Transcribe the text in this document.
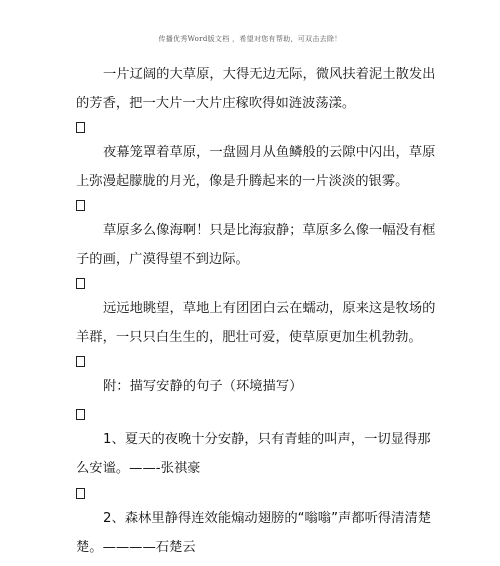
传播优秀Word版文档 ，希望对您有帮助，可双击去除！

一片辽阔的大草原，大得无边无际，微风扶着泥土散发出的芳香，把一大片一大片庄稼吹得如涟波荡漾。

夜幕笼罩着草原，一盘圆月从鱼鳞般的云隙中闪出，草原上弥漫起朦胧的月光，像是升腾起来的一片淡淡的银雾。

草原多么像海啊！只是比海寂静；草原多么像一幅没有框子的画，广漠得望不到边际。

远远地眺望，草地上有团团白云在蠕动，原来这是牧场的羊群，一只只白生生的，肥壮可爱，使草原更加生机勃勃。

附：描写安静的句子（环境描写）

1、夏天的夜晚十分安静，只有青蛙的叫声，一切显得那么安谧。——-张祺豪

2、森林里静得连效能煽动翅膀的“嗡嗡”声都听得清清楚楚。————石楚云
